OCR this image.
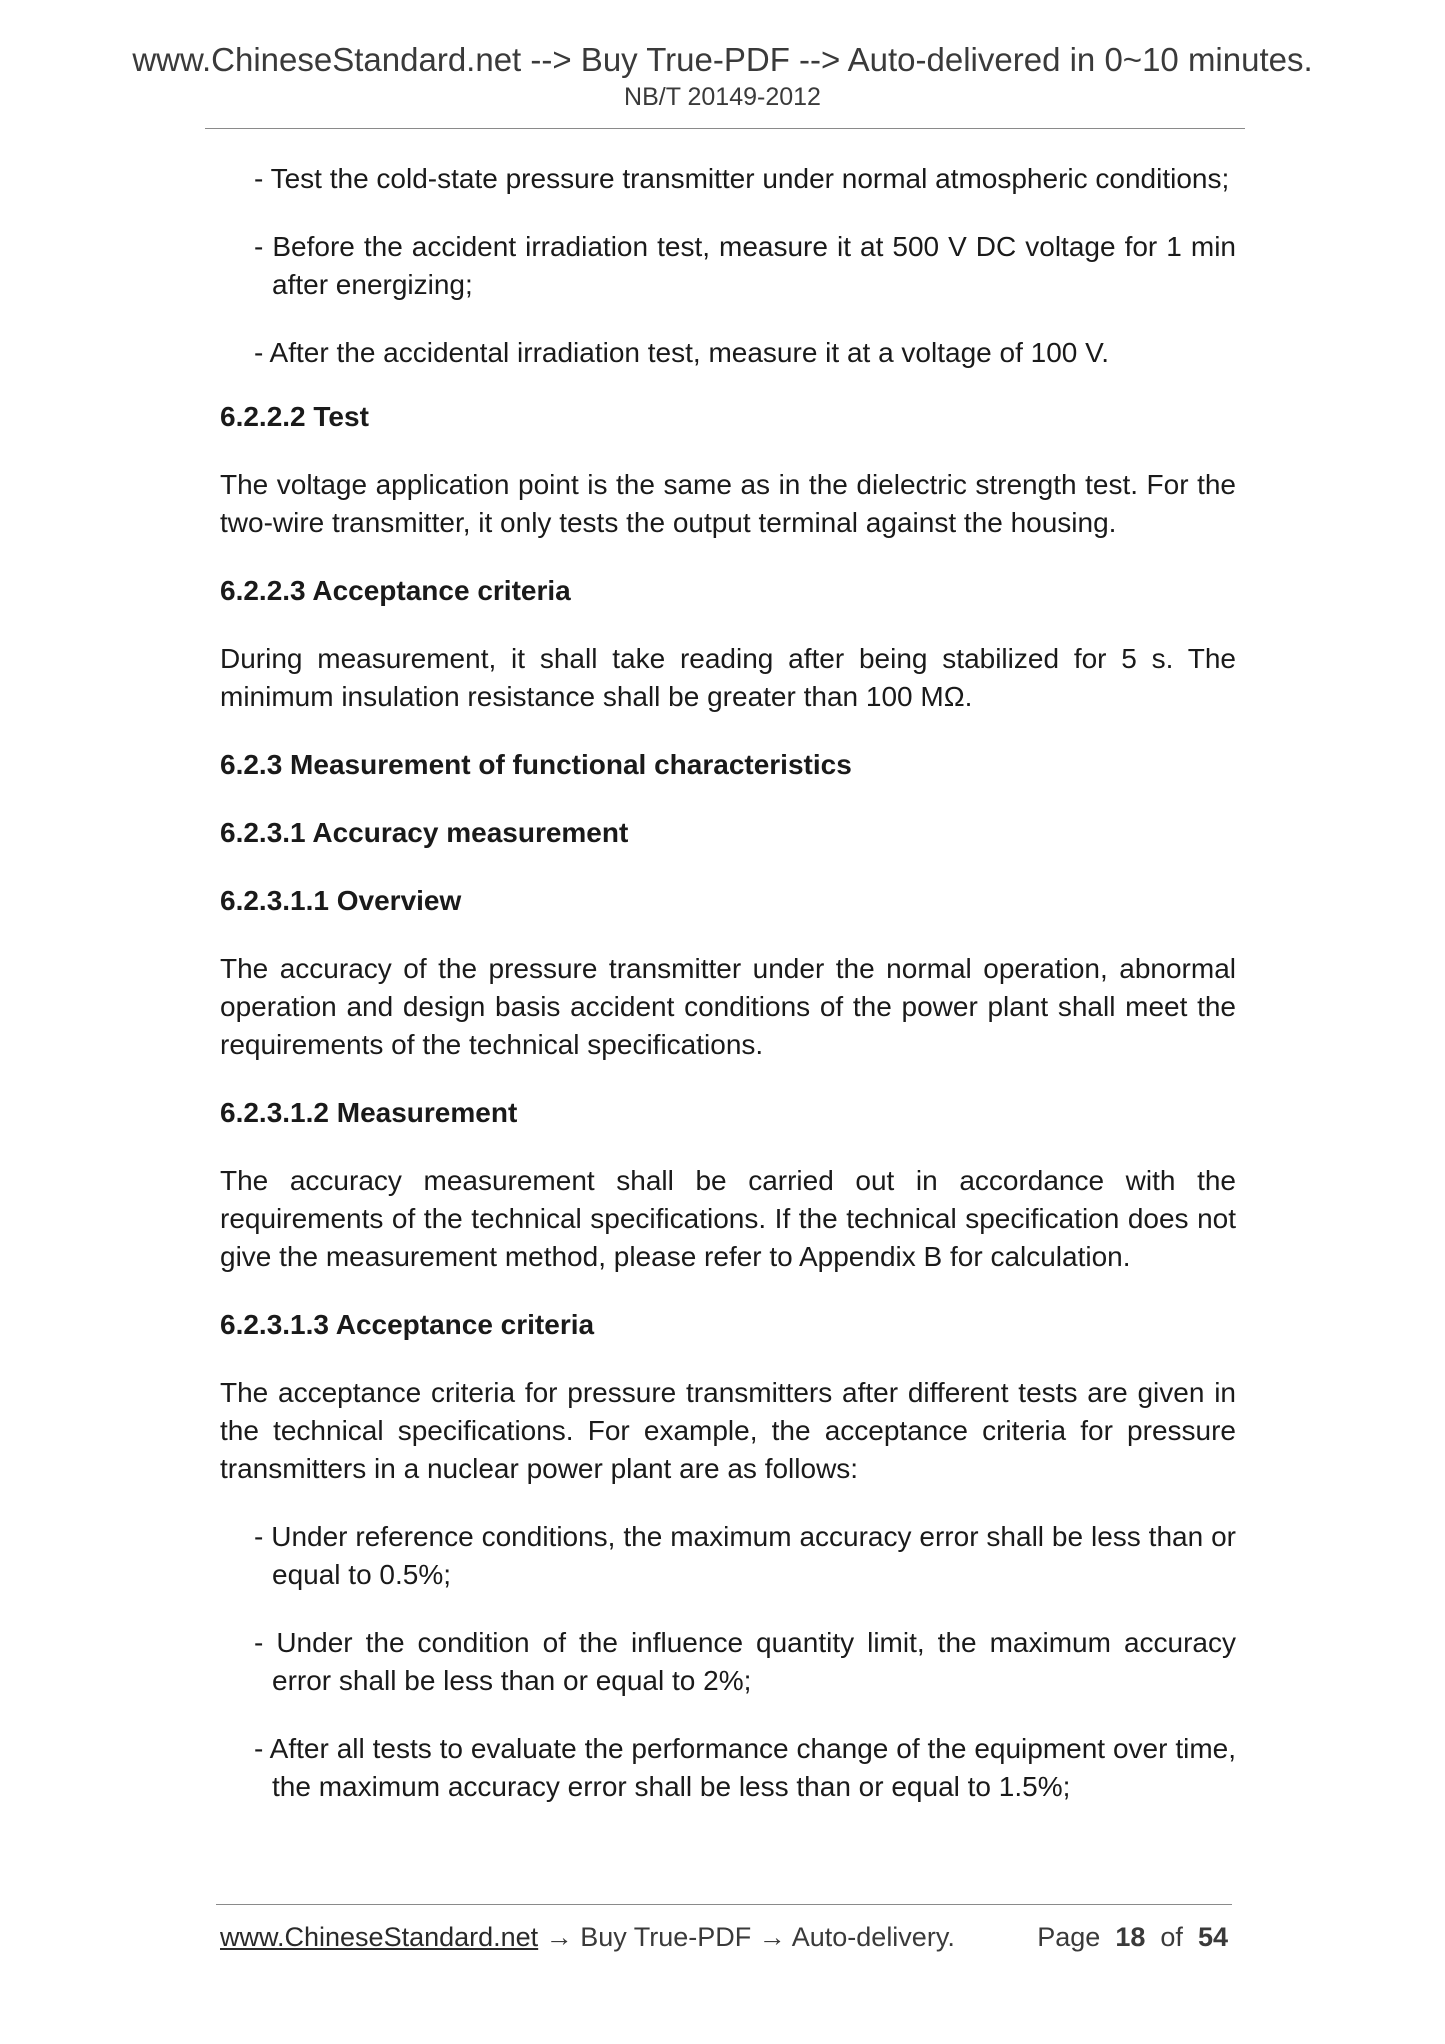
www.ChineseStandard.net --> Buy True-PDF --> Auto-delivered in 0~10 minutes.
NB/T 20149-2012

- Test the cold-state pressure transmitter under normal atmospheric conditions;

- Before the accident irradiation test, measure it at 500 V DC voltage for 1 min after energizing;

- After the accidental irradiation test, measure it at a voltage of 100 V.

6.2.2.2 Test

The voltage application point is the same as in the dielectric strength test. For the two-wire transmitter, it only tests the output terminal against the housing.

6.2.2.3 Acceptance criteria

During measurement, it shall take reading after being stabilized for 5 s. The minimum insulation resistance shall be greater than 100 MΩ.

6.2.3 Measurement of functional characteristics

6.2.3.1 Accuracy measurement

6.2.3.1.1 Overview

The accuracy of the pressure transmitter under the normal operation, abnormal operation and design basis accident conditions of the power plant shall meet the requirements of the technical specifications.

6.2.3.1.2 Measurement

The accuracy measurement shall be carried out in accordance with the requirements of the technical specifications. If the technical specification does not give the measurement method, please refer to Appendix B for calculation.

6.2.3.1.3 Acceptance criteria

The acceptance criteria for pressure transmitters after different tests are given in the technical specifications. For example, the acceptance criteria for pressure transmitters in a nuclear power plant are as follows:

- Under reference conditions, the maximum accuracy error shall be less than or equal to 0.5%;

- Under the condition of the influence quantity limit, the maximum accuracy error shall be less than or equal to 2%;

- After all tests to evaluate the performance change of the equipment over time, the maximum accuracy error shall be less than or equal to 1.5%;

www.ChineseStandard.net → Buy True-PDF → Auto-delivery.	Page 18 of 54
